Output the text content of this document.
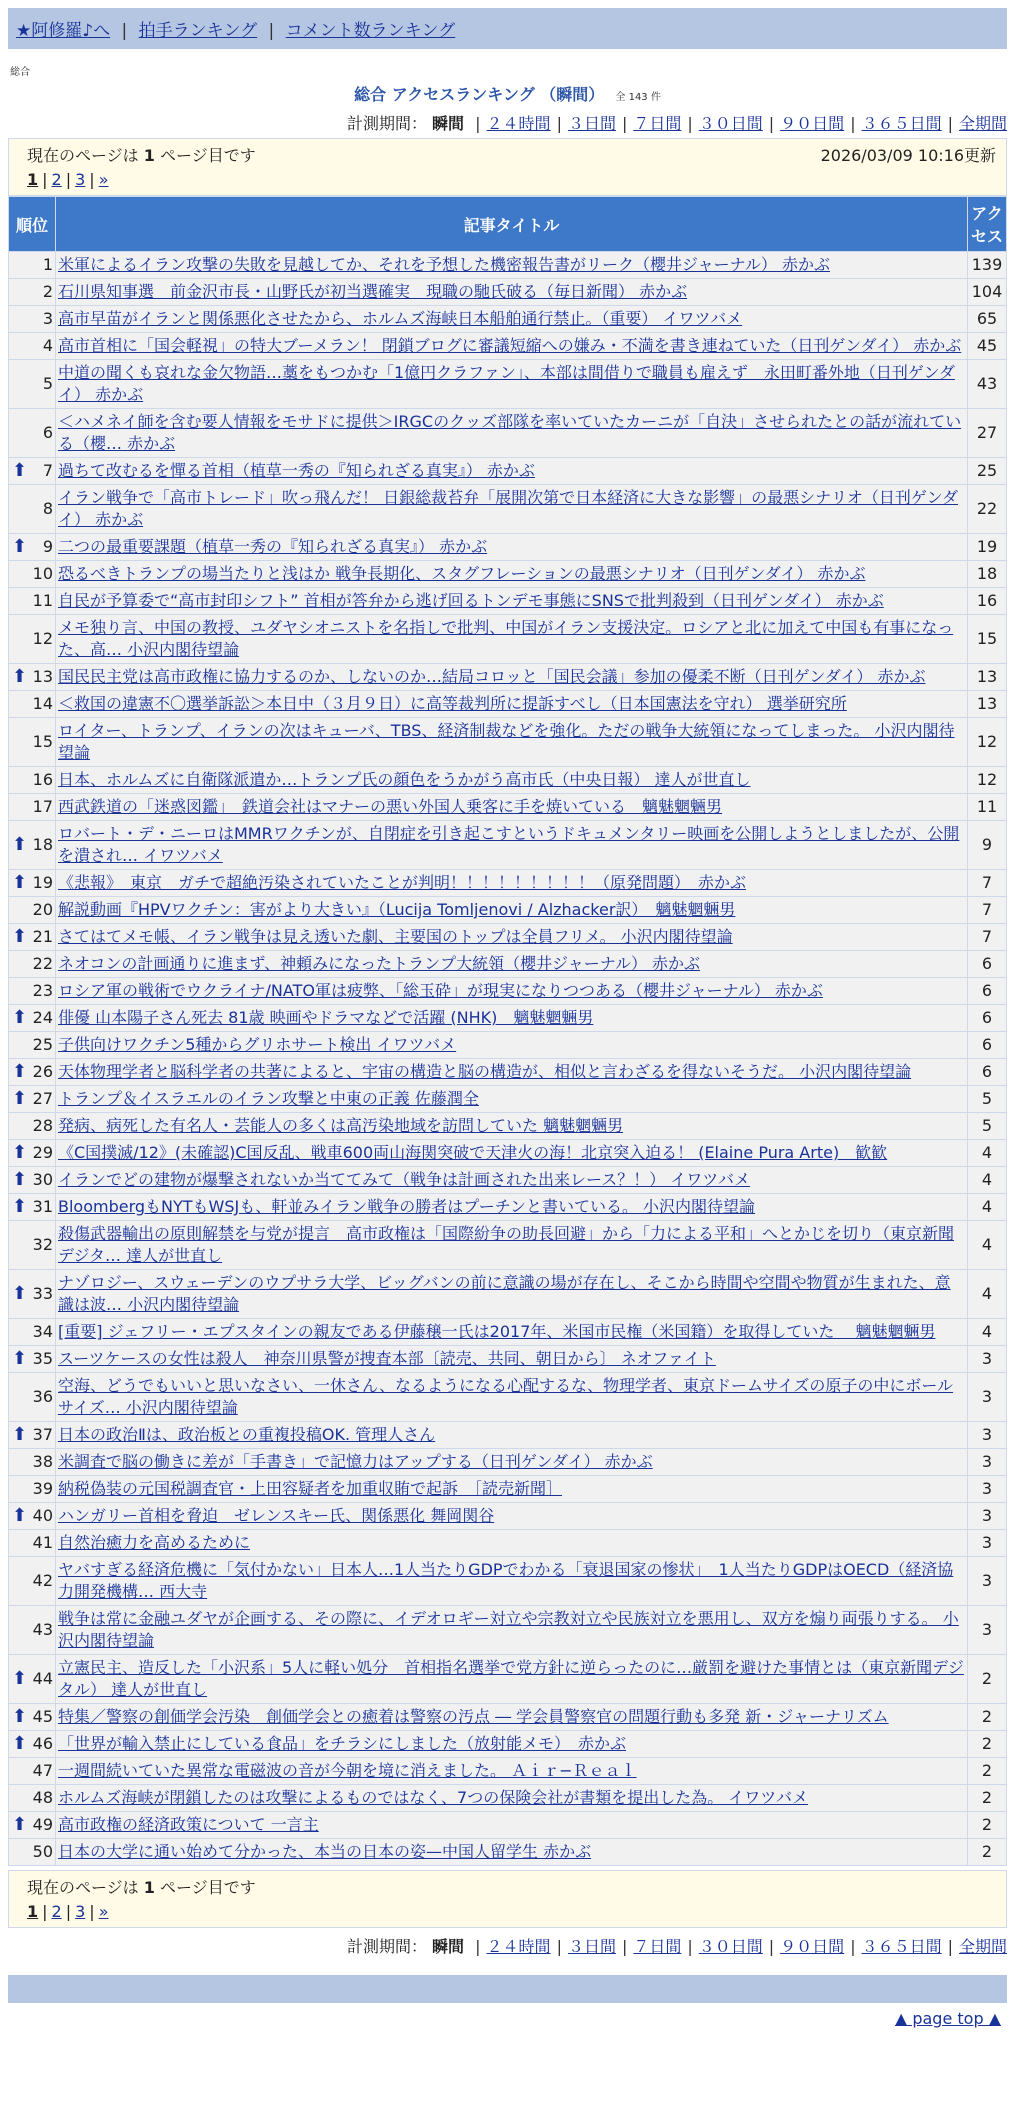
★阿修羅♪へ | 拍手ランキング | コメント数ランキング
総合
総合 アクセスランキング （瞬間） 全 143 件
計測期間： 瞬間 | ２４時間 | ３日間 | ７日間 | ３０日間 | ９０日間 | ３６５日間 | 全期間
現在のページは 1 ページ目です	2026/03/09 10:16更新
1 | 2 | 3 | »
順位	記事タイトル	アクセス
1	米軍によるイラン攻撃の失敗を見越してか、それを予想した機密報告書がリーク（櫻井ジャーナル） 赤かぶ	139
2	石川県知事選　前金沢市長・山野氏が初当選確実　現職の馳氏破る（毎日新聞） 赤かぶ	104
3	高市早苗がイランと関係悪化させたから、ホルムズ海峡日本船舶通行禁止。（重要） イワツバメ	65
4	高市首相に「国会軽視」の特大ブーメラン！ 閉鎖ブログに審議短縮への嫌み・不満を書き連ねていた（日刊ゲンダイ） 赤かぶ	45
5	中道の聞くも哀れな金欠物語…藁をもつかむ「1億円クラファン」、本部は間借りで職員も雇えず　永田町番外地（日刊ゲンダイ） 赤かぶ	43
6	＜ハメネイ師を含む要人情報をモサドに提供＞IRGCのクッズ部隊を率いていたカーニが「自決」させられたとの話が流れている（櫻… 赤かぶ	27

⬆ 7	過ちて改むるを憚る首相（植草一秀の『知られざる真実』） 赤かぶ	25
8	イラン戦争で「高市トレード」吹っ飛んだ！ 日銀総裁苔弁「展開次第で日本経済に大きな影響」の最悪シナリオ（日刊ゲンダイ） 赤かぶ	22

⬆ 9	二つの最重要課題（植草一秀の『知られざる真実』） 赤かぶ	19
10	恐るべきトランプの場当たりと浅はか 戦争長期化、スタグフレーションの最悪シナリオ（日刊ゲンダイ） 赤かぶ	18
11	自民が予算委で“高市封印シフト” 首相が答弁から逃げ回るトンデモ事態にSNSで批判殺到（日刊ゲンダイ） 赤かぶ	16
12	メモ独り言、中国の教授、ユダヤシオニストを名指しで批判、中国がイラン支援決定。ロシアと北に加えて中国も有事になった、高… 小沢内閣待望論	15

⬆ 13	国民民主党は高市政権に協力するのか、しないのか…結局コロッと「国民会議」参加の優柔不断（日刊ゲンダイ） 赤かぶ	13
14	＜救国の違憲不〇選挙訴訟＞本日中（３月９日）に高等裁判所に提訴すべし（日本国憲法を守れ） 選挙研究所	13
15	ロイター、トランプ、イランの次はキューバ、TBS、経済制裁などを強化。ただの戦争大統領になってしまった。 小沢内閣待望論	12
16	日本、ホルムズに自衛隊派遣か…トランプ氏の顔色をうかがう高市氏（中央日報） 達人が世直し	12
17	西武鉄道の「迷惑図鑑」　鉄道会社はマナーの悪い外国人乗客に手を焼いている　魑魅魍魎男	11

⬆ 18	ロバート・デ・ニーロはMMRワクチンが、自閉症を引き起こすというドキュメンタリー映画を公開しようとしましたが、公開を潰され… イワツバメ	9

⬆ 19	《悲報》　東京　ガチで超絶汚染されていたことが判明！！！！！！！！！（原発問題）　赤かぶ	7
20	解説動画『HPVワクチン：害がより大きい』（Lucija Tomljenovi / Alzhacker訳）　魑魅魍魎男	7

⬆ 21	さてはてメモ帳、イラン戦争は見え透いた劇、主要国のトップは全員フリメ。 小沢内閣待望論	7
22	ネオコンの計画通りに進まず、神頼みになったトランプ大統領（櫻井ジャーナル） 赤かぶ	6
23	ロシア軍の戦術でウクライナ/NATO軍は疲弊、「総玉砕」が現実になりつつある（櫻井ジャーナル） 赤かぶ	6

⬆ 24	俳優 山本陽子さん死去 81歳 映画やドラマなどで活躍 (NHK)　魑魅魍魎男	6
25	子供向けワクチン5種からグリホサート検出 イワツバメ	6

⬆ 26	天体物理学者と脳科学者の共著によると、宇宙の構造と脳の構造が、相似と言わざるを得ないそうだ。 小沢内閣待望論	6

⬆ 27	トランプ＆イスラエルのイラン攻撃と中東の正義 佐藤潤全	5
28	発病、病死した有名人・芸能人の多くは高汚染地域を訪問していた 魑魅魍魎男	5

⬆ 29	《C国撲滅/12》(未確認)C国反乱、戦車600両山海関突破で天津火の海！北京突入迫る！ (Elaine Pura Arte)　歓歓	4

⬆ 30	イランでどの建物が爆撃されないか当ててみて（戦争は計画された出来レース？！） イワツバメ	4

⬆ 31	BloombergもNYTもWSJも、軒並みイラン戦争の勝者はプーチンと書いている。 小沢内閣待望論	4
32	殺傷武器輸出の原則解禁を与党が提言　高市政権は「国際紛争の助長回避」から「力による平和」へとかじを切り（東京新聞デジタ… 達人が世直し	4

⬆ 33	ナゾロジー、スウェーデンのウプサラ大学、ビッグバンの前に意識の場が存在し、そこから時間や空間や物質が生まれた、意識は波… 小沢内閣待望論	4
34	[重要] ジェフリー・エプスタインの親友である伊藤穣一氏は2017年、米国市民権（米国籍）を取得していた　 魑魅魍魎男	4

⬆ 35	スーツケースの女性は殺人　神奈川県警が捜査本部〔読売、共同、朝日から〕 ネオファイト	3
36	空海、どうでもいいと思いなさい、一休さん、なるようになる心配するな、物理学者、東京ドームサイズの原子の中にボールサイズ… 小沢内閣待望論	3

⬆ 37	日本の政治Ⅱは、政治板との重複投稿OK. 管理人さん	3
38	米調査で脳の働きに差が「手書き」で記憶力はアップする（日刊ゲンダイ） 赤かぶ	3
39	納税偽装の元国税調査官・上田容疑者を加重収賄で起訴　［読売新聞］	3

⬆ 40	ハンガリー首相を脅迫　ゼレンスキー氏、関係悪化 舞岡関谷	3
41	自然治癒力を高めるために	3
42	ヤバすぎる経済危機に「気付かない」日本人…1人当たりGDPでわかる「衰退国家の惨状」　1人当たりGDPはOECD（経済協力開発機構… 西大寺	3
43	戦争は常に金融ユダヤが企画する、その際に、イデオロギー対立や宗教対立や民族対立を悪用し、双方を煽り両張りする。 小沢内閣待望論	3

⬆ 44	立憲民主、造反した「小沢系」5人に軽い処分　首相指名選挙で党方針に逆らったのに…厳罰を避けた事情とは（東京新聞デジタル） 達人が世直し	2

⬆ 45	特集／警察の創価学会汚染　創価学会との癒着は警察の汚点 ― 学会員警察官の問題行動も多発 新・ジャーナリズム	2

⬆ 46	「世界が輸入禁止にしている食品」をチラシにしました（放射能メモ）　赤かぶ	2
47	一週間続いていた異常な電磁波の音が今朝を境に消えました。 Ａｉｒ−Ｒｅａｌ	2
48	ホルムズ海峡が閉鎖したのは攻撃によるものではなく、7つの保険会社が書類を提出した為。 イワツバメ	2

⬆ 49	高市政権の経済政策について 一言主	2
50	日本の大学に通い始めて分かった、本当の日本の姿—中国人留学生 赤かぶ	2
現在のページは 1 ページ目です
1 | 2 | 3 | »
計測期間： 瞬間 | ２４時間 | ３日間 | ７日間 | ３０日間 | ９０日間 | ３６５日間 | 全期間
▲ page top ▲
